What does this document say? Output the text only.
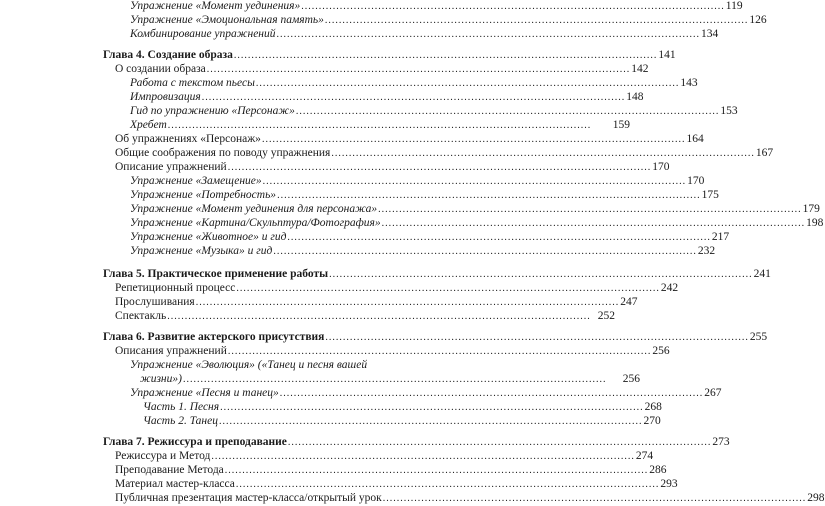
Упражнение «Момент уединения» ......................................................................................................................... 119
Упражнение «Эмоциональная память» ......................................................................................................................... 126
Комбинирование упражнений ......................................................................................................................... 134
Глава 4. Создание образа ......................................................................................................................... 141
О создании образа ......................................................................................................................... 142
Работа с текстом пьесы ......................................................................................................................... 143
Импровизация ......................................................................................................................... 148
Гид по упражнению «Персонаж» ......................................................................................................................... 153
Хребет .........................................................................................................................	159
Об упражнениях «Персонаж» ......................................................................................................................... 164
Общие соображения по поводу упражнения ......................................................................................................................... 167
Описание упражнений ......................................................................................................................... 170
Упражнение «Замещение» ......................................................................................................................... 170
Упражнение «Потребность» ......................................................................................................................... 175
Упражнение «Момент уединения для персонажа» ......................................................................................................................... 179
Упражнение «Картина/Скульптура/Фотография» ......................................................................................................................... 198
Упражнение «Животное» и гид ......................................................................................................................... 217
Упражнение «Музыка» и гид ......................................................................................................................... 232
Глава 5. Практическое применение работы ......................................................................................................................... 241
Репетиционный процесс ......................................................................................................................... 242
Прослушивания ......................................................................................................................... 247
Спектакль ......................................................................................................................... 252
Глава 6. Развитие актерского присутствия ......................................................................................................................... 255
Описания упражнений ......................................................................................................................... 256
Упражнение «Эволюция» («Танец и песня вашей
жизни») .........................................................................................................................	256
Упражнение «Песня и танец» ......................................................................................................................... 267
Часть 1. Песня ......................................................................................................................... 268
Часть 2. Танец ......................................................................................................................... 270
Глава 7. Режиссура и преподавание ......................................................................................................................... 273
Режиссура и Метод ......................................................................................................................... 274
Преподавание Метода ......................................................................................................................... 286
Материал мастер-класса ......................................................................................................................... 293
Публичная презентация мастер-класса/открытый урок ......................................................................................................................... 298
